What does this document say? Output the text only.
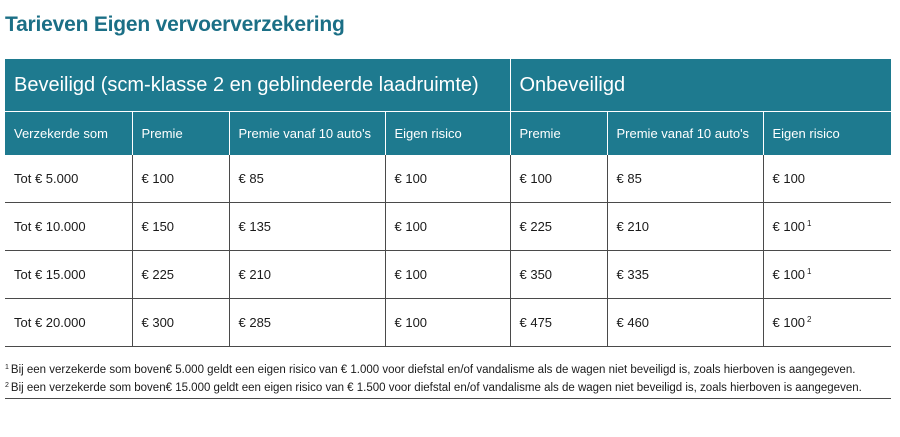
Tarieven Eigen vervoerverzekering
Beveiligd (scm-klasse 2 en geblindeerde laadruimte)				Onbeveiligd		
Verzekerde som	Premie	Premie vanaf 10 auto's	Eigen risico	Premie	Premie vanaf 10 auto's	Eigen risico
Tot € 5.000	€ 100	€ 85	€ 100	€ 100	€ 85	€ 100
Tot € 10.000	€ 150	€ 135	€ 100	€ 225	€ 210	€ 100 $^1$
Tot € 15.000	€ 225	€ 210	€ 100	€ 350	€ 335	€ 100 $^1$
Tot € 20.000	€ 300	€ 285	€ 100	€ 475	€ 460	€ 100 $^2$
$^1$ Bij een verzekerde som boven€ 5.000 geldt een eigen risico van € 1.000 voor diefstal en/of vandalisme als de wagen niet beveiligd is, zoals hierboven is aangegeven.
$^2$ Bij een verzekerde som boven€ 15.000 geldt een eigen risico van € 1.500 voor diefstal en/of vandalisme als de wagen niet beveiligd is, zoals hierboven is aangegeven.
